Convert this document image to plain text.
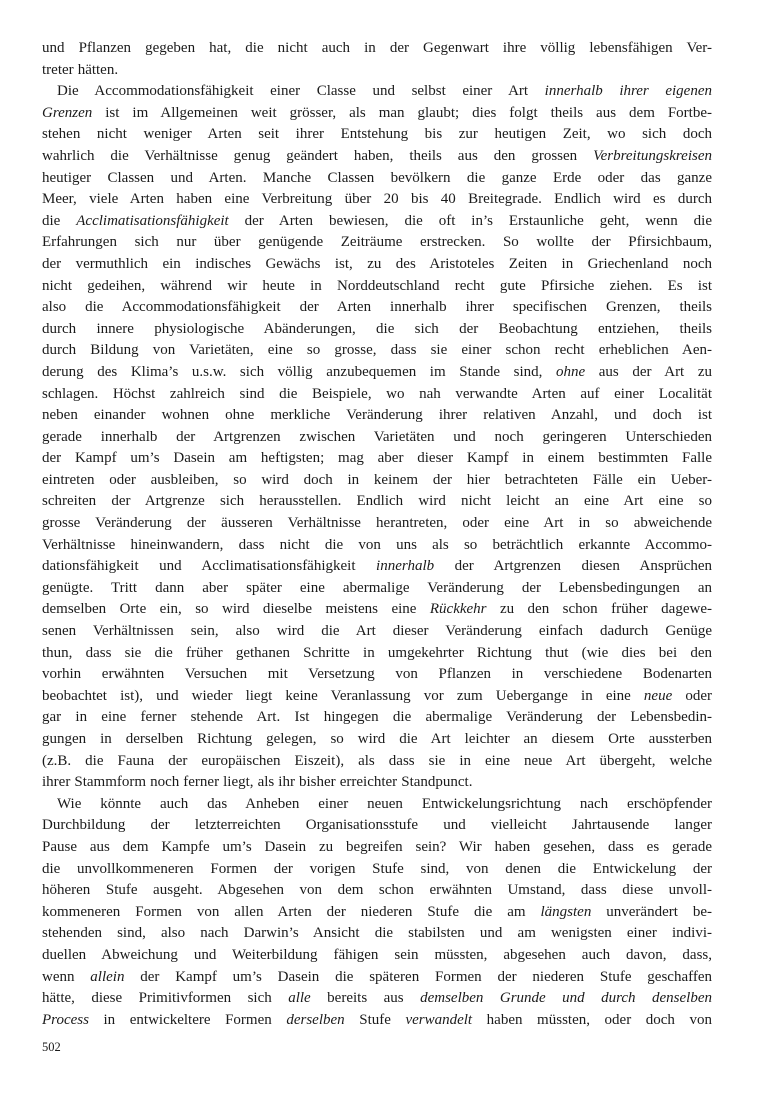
und Pflanzen gegeben hat, die nicht auch in der Gegenwart ihre völlig lebensfähigen Ver-
treter hätten.
Die Accommodationsfähigkeit einer Classe und selbst einer Art innerhalb ihrer eigenen
Grenzen ist im Allgemeinen weit grösser, als man glaubt; dies folgt theils aus dem Fortbe-
stehen nicht weniger Arten seit ihrer Entstehung bis zur heutigen Zeit, wo sich doch
wahrlich die Verhältnisse genug geändert haben, theils aus den grossen Verbreitungskreisen
heutiger Classen und Arten. Manche Classen bevölkern die ganze Erde oder das ganze
Meer, viele Arten haben eine Verbreitung über 20 bis 40 Breitegrade. Endlich wird es durch
die Acclimatisationsfähigkeit der Arten bewiesen, die oft in’s Erstaunliche geht, wenn die
Erfahrungen sich nur über genügende Zeiträume erstrecken. So wollte der Pfirsichbaum,
der vermuthlich ein indisches Gewächs ist, zu des Aristoteles Zeiten in Griechenland noch
nicht gedeihen, während wir heute in Norddeutschland recht gute Pfirsiche ziehen. Es ist
also die Accommodationsfähigkeit der Arten innerhalb ihrer specifischen Grenzen, theils
durch innere physiologische Abänderungen, die sich der Beobachtung entziehen, theils
durch Bildung von Varietäten, eine so grosse, dass sie einer schon recht erheblichen Aen-
derung des Klima’s u.s.w. sich völlig anzubequemen im Stande sind, ohne aus der Art zu
schlagen. Höchst zahlreich sind die Beispiele, wo nah verwandte Arten auf einer Localität
neben einander wohnen ohne merkliche Veränderung ihrer relativen Anzahl, und doch ist
gerade innerhalb der Artgrenzen zwischen Varietäten und noch geringeren Unterschieden
der Kampf um’s Dasein am heftigsten; mag aber dieser Kampf in einem bestimmten Falle
eintreten oder ausbleiben, so wird doch in keinem der hier betrachteten Fälle ein Ueber-
schreiten der Artgrenze sich herausstellen. Endlich wird nicht leicht an eine Art eine so
grosse Veränderung der äusseren Verhältnisse herantreten, oder eine Art in so abweichende
Verhältnisse hineinwandern, dass nicht die von uns als so beträchtlich erkannte Accommo-
dationsfähigkeit und Acclimatisationsfähigkeit innerhalb der Artgrenzen diesen Ansprüchen
genügte. Tritt dann aber später eine abermalige Veränderung der Lebensbedingungen an
demselben Orte ein, so wird dieselbe meistens eine Rückkehr zu den schon früher dagewe-
senen Verhältnissen sein, also wird die Art dieser Veränderung einfach dadurch Genüge
thun, dass sie die früher gethanen Schritte in umgekehrter Richtung thut (wie dies bei den
vorhin erwähnten Versuchen mit Versetzung von Pflanzen in verschiedene Bodenarten
beobachtet ist), und wieder liegt keine Veranlassung vor zum Uebergange in eine neue oder
gar in eine ferner stehende Art. Ist hingegen die abermalige Veränderung der Lebensbedin-
gungen in derselben Richtung gelegen, so wird die Art leichter an diesem Orte aussterben
(z.B. die Fauna der europäischen Eiszeit), als dass sie in eine neue Art übergeht, welche
ihrer Stammform noch ferner liegt, als ihr bisher erreichter Standpunct.
Wie könnte auch das Anheben einer neuen Entwickelungsrichtung nach erschöpfender
Durchbildung der letzterreichten Organisationsstufe und vielleicht Jahrtausende langer
Pause aus dem Kampfe um’s Dasein zu begreifen sein? Wir haben gesehen, dass es gerade
die unvollkommeneren Formen der vorigen Stufe sind, von denen die Entwickelung der
höheren Stufe ausgeht. Abgesehen von dem schon erwähnten Umstand, dass diese unvoll-
kommeneren Formen von allen Arten der niederen Stufe die am längsten unverändert be-
stehenden sind, also nach Darwin’s Ansicht die stabilsten und am wenigsten einer indivi-
duellen Abweichung und Weiterbildung fähigen sein müssten, abgesehen auch davon, dass,
wenn allein der Kampf um’s Dasein die späteren Formen der niederen Stufe geschaffen
hätte, diese Primitivformen sich alle bereits aus demselben Grunde und durch denselben
Process in entwickeltere Formen derselben Stufe verwandelt haben müssten, oder doch von
502
